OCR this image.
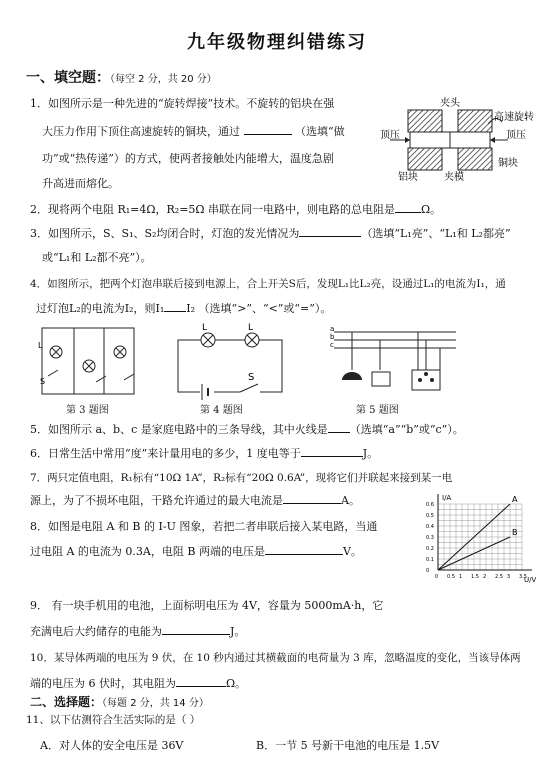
九年级物理纠错练习
一、填空题：（每空 2 分，共 20 分）
1．如图所示是一种先进的“旋转焊接”技术。不旋转的铝块在强
大压力作用下顶住高速旋转的铜块，通过	（选填“做
功”或“热传递”）的方式，使两者接触处内能增大，温度急剧
升高进而熔化。
夹头
高速旋转
顶压	顶压
铝块	夹模
铜块
2．现将两个电阻 R₁=4Ω，R₂=5Ω 串联在同一电路中，则电路的总电阻是 Ω。
3．如图所示，S、S₁、S₂均闭合时，灯泡的发光情况为	（选填“L₁亮”、“L₁和 L₂都亮”
或“L₁和 L₂都不亮”）。
4．如图所示，把两个灯泡串联后接到电源上，合上开关S后，发现L₁比L₂亮，设通过L₁的电流为I₁，通
过灯泡L₂的电流为I₂，则I₁ I₂ （选填“>”、“<”或“=”）。
L
S
第 3 题图
L	L
S
第 4 题图
a
b
c
第 5 题图
5．如图所示 a、b、c 是家庭电路中的三条导线，其中火线是 （选填“a”“b”或“c”）。
6．日常生活中常用“度”来计量用电的多少，1 度电等于	J。
7．两只定值电阻，R₁标有“10Ω 1A”，R₂标有“20Ω 0.6A”，现将它们并联起来接到某一电
源上，为了不损坏电阻，干路允许通过的最大电流是	A。
8．如图是电阻 A 和 B 的 I-U 图象，若把二者串联后接入某电路，当通
过电阻 A 的电流为 0.3A，电阻 B 两端的电压是	V。
I/A
U/V
0 0.5 1 1.5 2 2.5 3 3.5
0
0.1
0.2
0.3
0.4
0.5
0.6
A
B
9． 有一块手机用的电池，上面标明电压为 4V，容量为 5000mA·h，它
充满电后大约储存的电能为	J。
10．某导体两端的电压为 9 伏，在 10 秒内通过其横截面的电荷量为 3 库，忽略温度的变化，当该导体两
端的电压为 6 伏时，其电阻为	Ω。
二、选择题：（每题 2 分，共 14 分）
11、以下估测符合生活实际的是（ ）
A．对人体的安全电压是 36V	B．一节 5 号新干电池的电压是 1.5V
